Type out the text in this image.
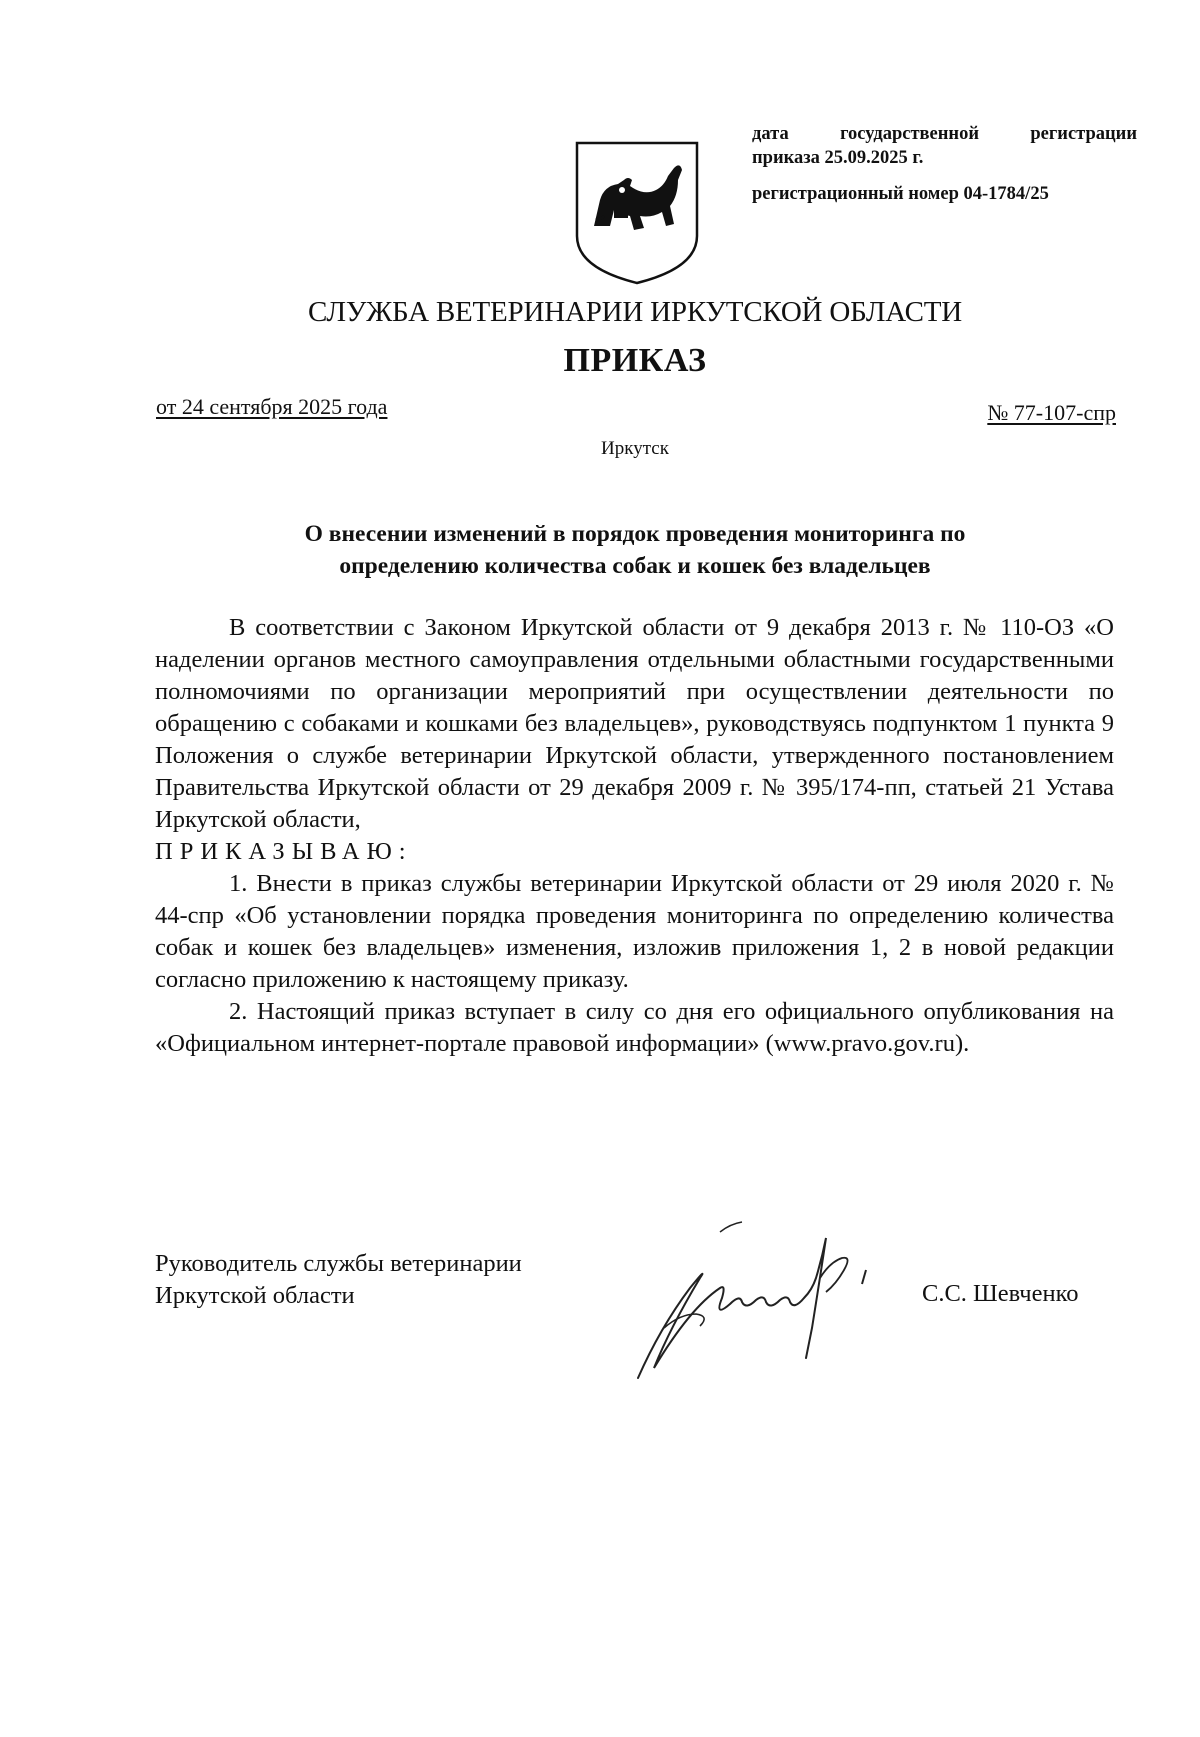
дата государственной регистрации
приказа 25.09.2025 г.
регистрационный номер 04-1784/25
СЛУЖБА ВЕТЕРИНАРИИ ИРКУТСКОЙ ОБЛАСТИ
ПРИКАЗ
от 24 сентября 2025 года	№ 77-107-спр
Иркутск
О внесении изменений в порядок проведения мониторинга по
определению количества собак и кошек без владельцев

В соответствии с Законом Иркутской области от 9 декабря 2013 г. № 110-ОЗ «О наделении органов местного самоуправления отдельными областными государственными полномочиями по организации мероприятий при осуществлении деятельности по обращению с собаками и кошками без владельцев», руководствуясь подпунктом 1 пункта 9 Положения о службе ветеринарии Иркутской области, утвержденного постановлением Правительства Иркутской области от 29 декабря 2009 г. № 395/174-пп, статьей 21 Устава Иркутской области,

ПРИКАЗЫВАЮ:

1. Внести в приказ службы ветеринарии Иркутской области от 29 июля 2020 г. № 44-спр «Об установлении порядка проведения мониторинга по определению количества собак и кошек без владельцев» изменения, изложив приложения 1, 2 в новой редакции согласно приложению к настоящему приказу.

2. Настоящий приказ вступает в силу со дня его официального опубликования на «Официальном интернет-портале правовой информации» (www.pravo.gov.ru).

Руководитель службы ветеринарии
Иркутской области	С.С. Шевченко
